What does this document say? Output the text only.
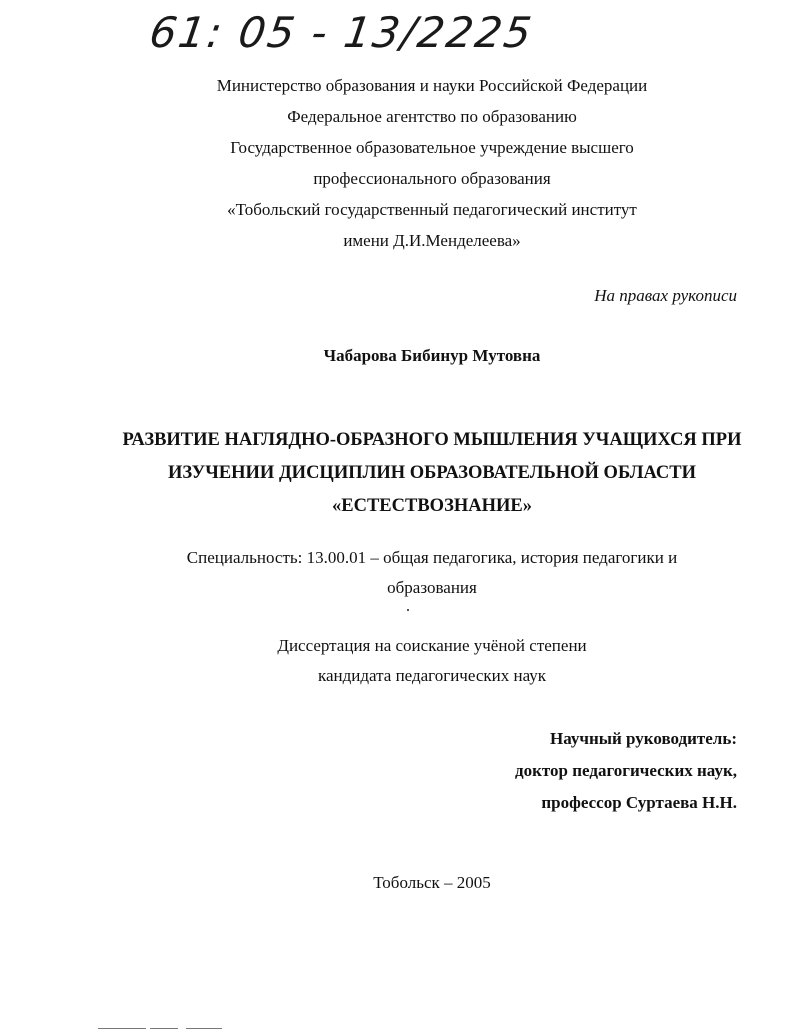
61: 05 - 13/2225
Министерство образования и науки Российской Федерации
Федеральное агентство по образованию
Государственное образовательное учреждение высшего
профессионального образования
«Тобольский государственный педагогический институт
имени Д.И.Менделеева»
На правах рукописи
Чабарова Бибинур Мутовна
РАЗВИТИЕ НАГЛЯДНО-ОБРАЗНОГО МЫШЛЕНИЯ УЧАЩИХСЯ ПРИ
ИЗУЧЕНИИ ДИСЦИПЛИН ОБРАЗОВАТЕЛЬНОЙ ОБЛАСТИ
«ЕСТЕСТВОЗНАНИЕ»
Специальность: 13.00.01 – общая педагогика, история педагогики и
образования
Диссертация на соискание учёной степени
кандидата педагогических наук
Научный руководитель:
доктор педагогических наук,
профессор Суртаева Н.Н.
Тобольск – 2005
